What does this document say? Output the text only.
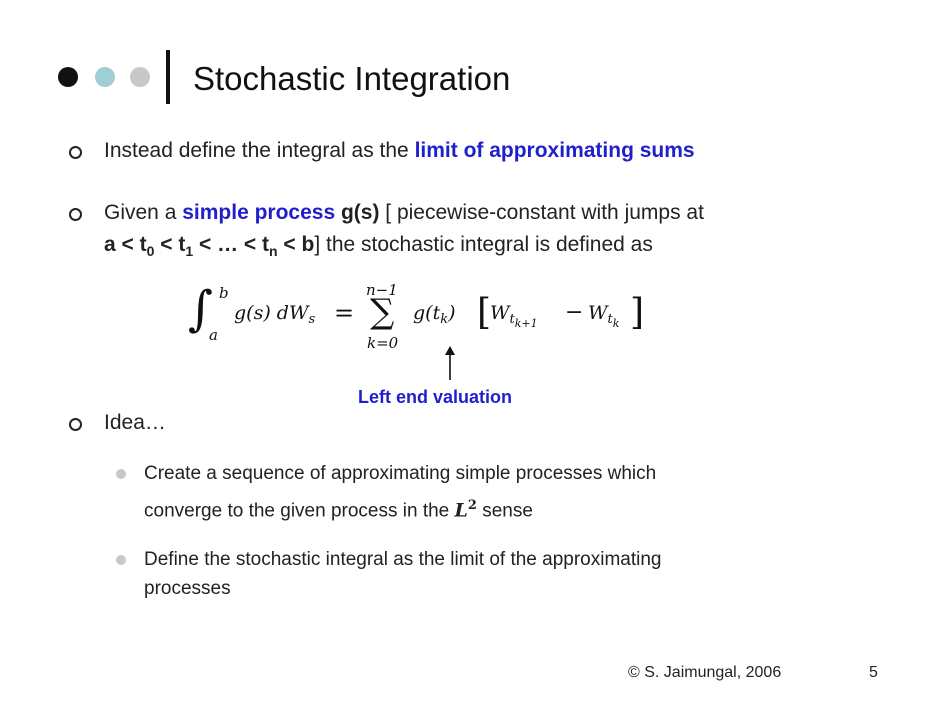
Stochastic Integration
Instead define the integral as the limit of approximating sums
Given a simple process g(s) [ piecewise-constant with jumps at
$a < t_0 < t_1$ < … < $t_n < b$] the stochastic integral is defined as
∫ b
a
g(s) $dW_s$ =
n−1
∑
k=0
$g(t_k)$ [
$W_{tk+1} - W_{tk}$ ]
Left end valuation
Idea…
Create a sequence of approximating simple processes which
converge to the given process in the $L^2$ sense
Define the stochastic integral as the limit of the approximating
processes
© S. Jaimungal, 2006	5
